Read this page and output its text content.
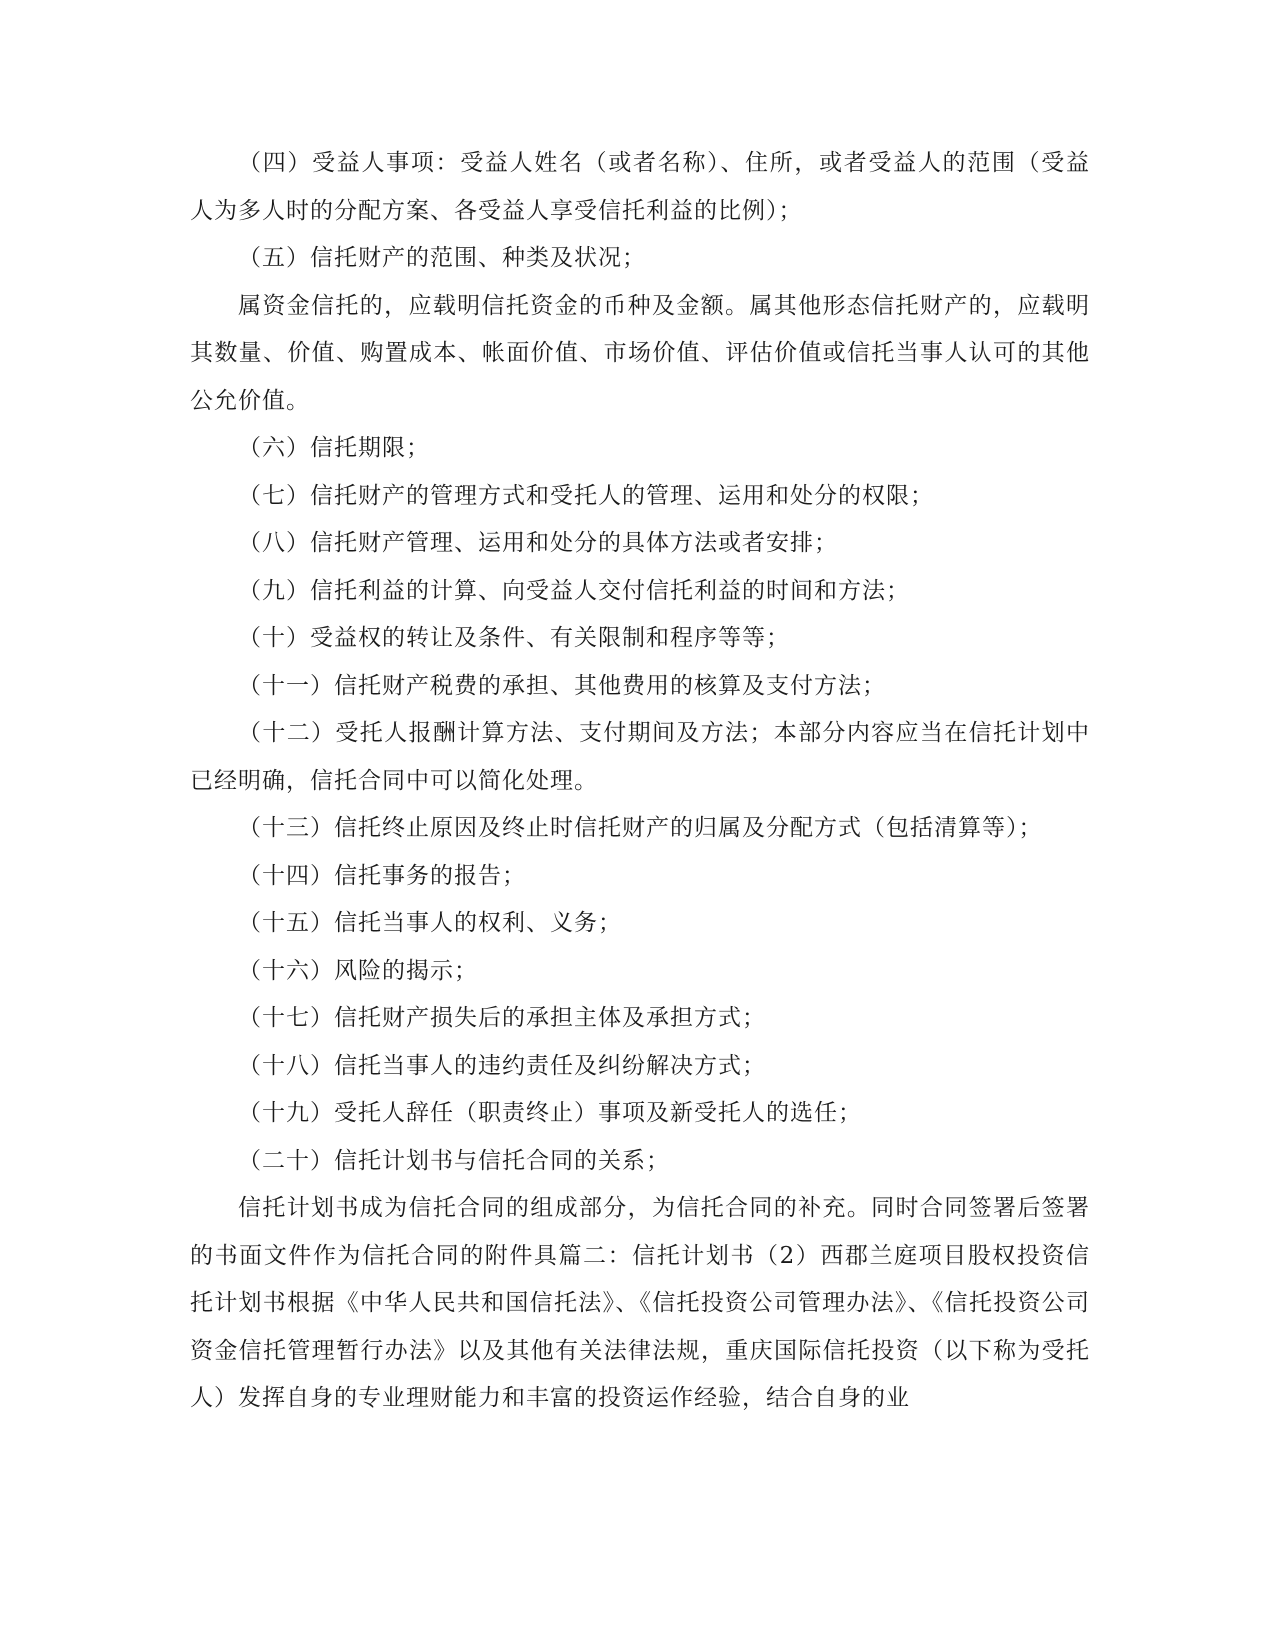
（四）受益人事项：受益人姓名（或者名称）、住所，或者受益人的范围（受益人为多人时的分配方案、各受益人享受信托利益的比例）；

（五）信托财产的范围、种类及状况；

属资金信托的，应载明信托资金的币种及金额。属其他形态信托财产的，应载明其数量、价值、购置成本、帐面价值、市场价值、评估价值或信托当事人认可的其他公允价值。

（六）信托期限；

（七）信托财产的管理方式和受托人的管理、运用和处分的权限；

（八）信托财产管理、运用和处分的具体方法或者安排；

（九）信托利益的计算、向受益人交付信托利益的时间和方法；

（十）受益权的转让及条件、有关限制和程序等等；

（十一）信托财产税费的承担、其他费用的核算及支付方法；

（十二）受托人报酬计算方法、支付期间及方法；本部分内容应当在信托计划中已经明确，信托合同中可以简化处理。

（十三）信托终止原因及终止时信托财产的归属及分配方式（包括清算等）；

（十四）信托事务的报告；

（十五）信托当事人的权利、义务；

（十六）风险的揭示；

（十七）信托财产损失后的承担主体及承担方式；

（十八）信托当事人的违约责任及纠纷解决方式；

（十九）受托人辞任（职责终止）事项及新受托人的选任；

（二十）信托计划书与信托合同的关系；

信托计划书成为信托合同的组成部分，为信托合同的补充。同时合同签署后签署的书面文件作为信托合同的附件具篇二：信托计划书（2）西郡兰庭项目股权投资信托计划书根据《中华人民共和国信托法》、《信托投资公司管理办法》、《信托投资公司资金信托管理暂行办法》以及其他有关法律法规，重庆国际信托投资（以下称为受托人）发挥自身的专业理财能力和丰富的投资运作经验，结合自身的业
